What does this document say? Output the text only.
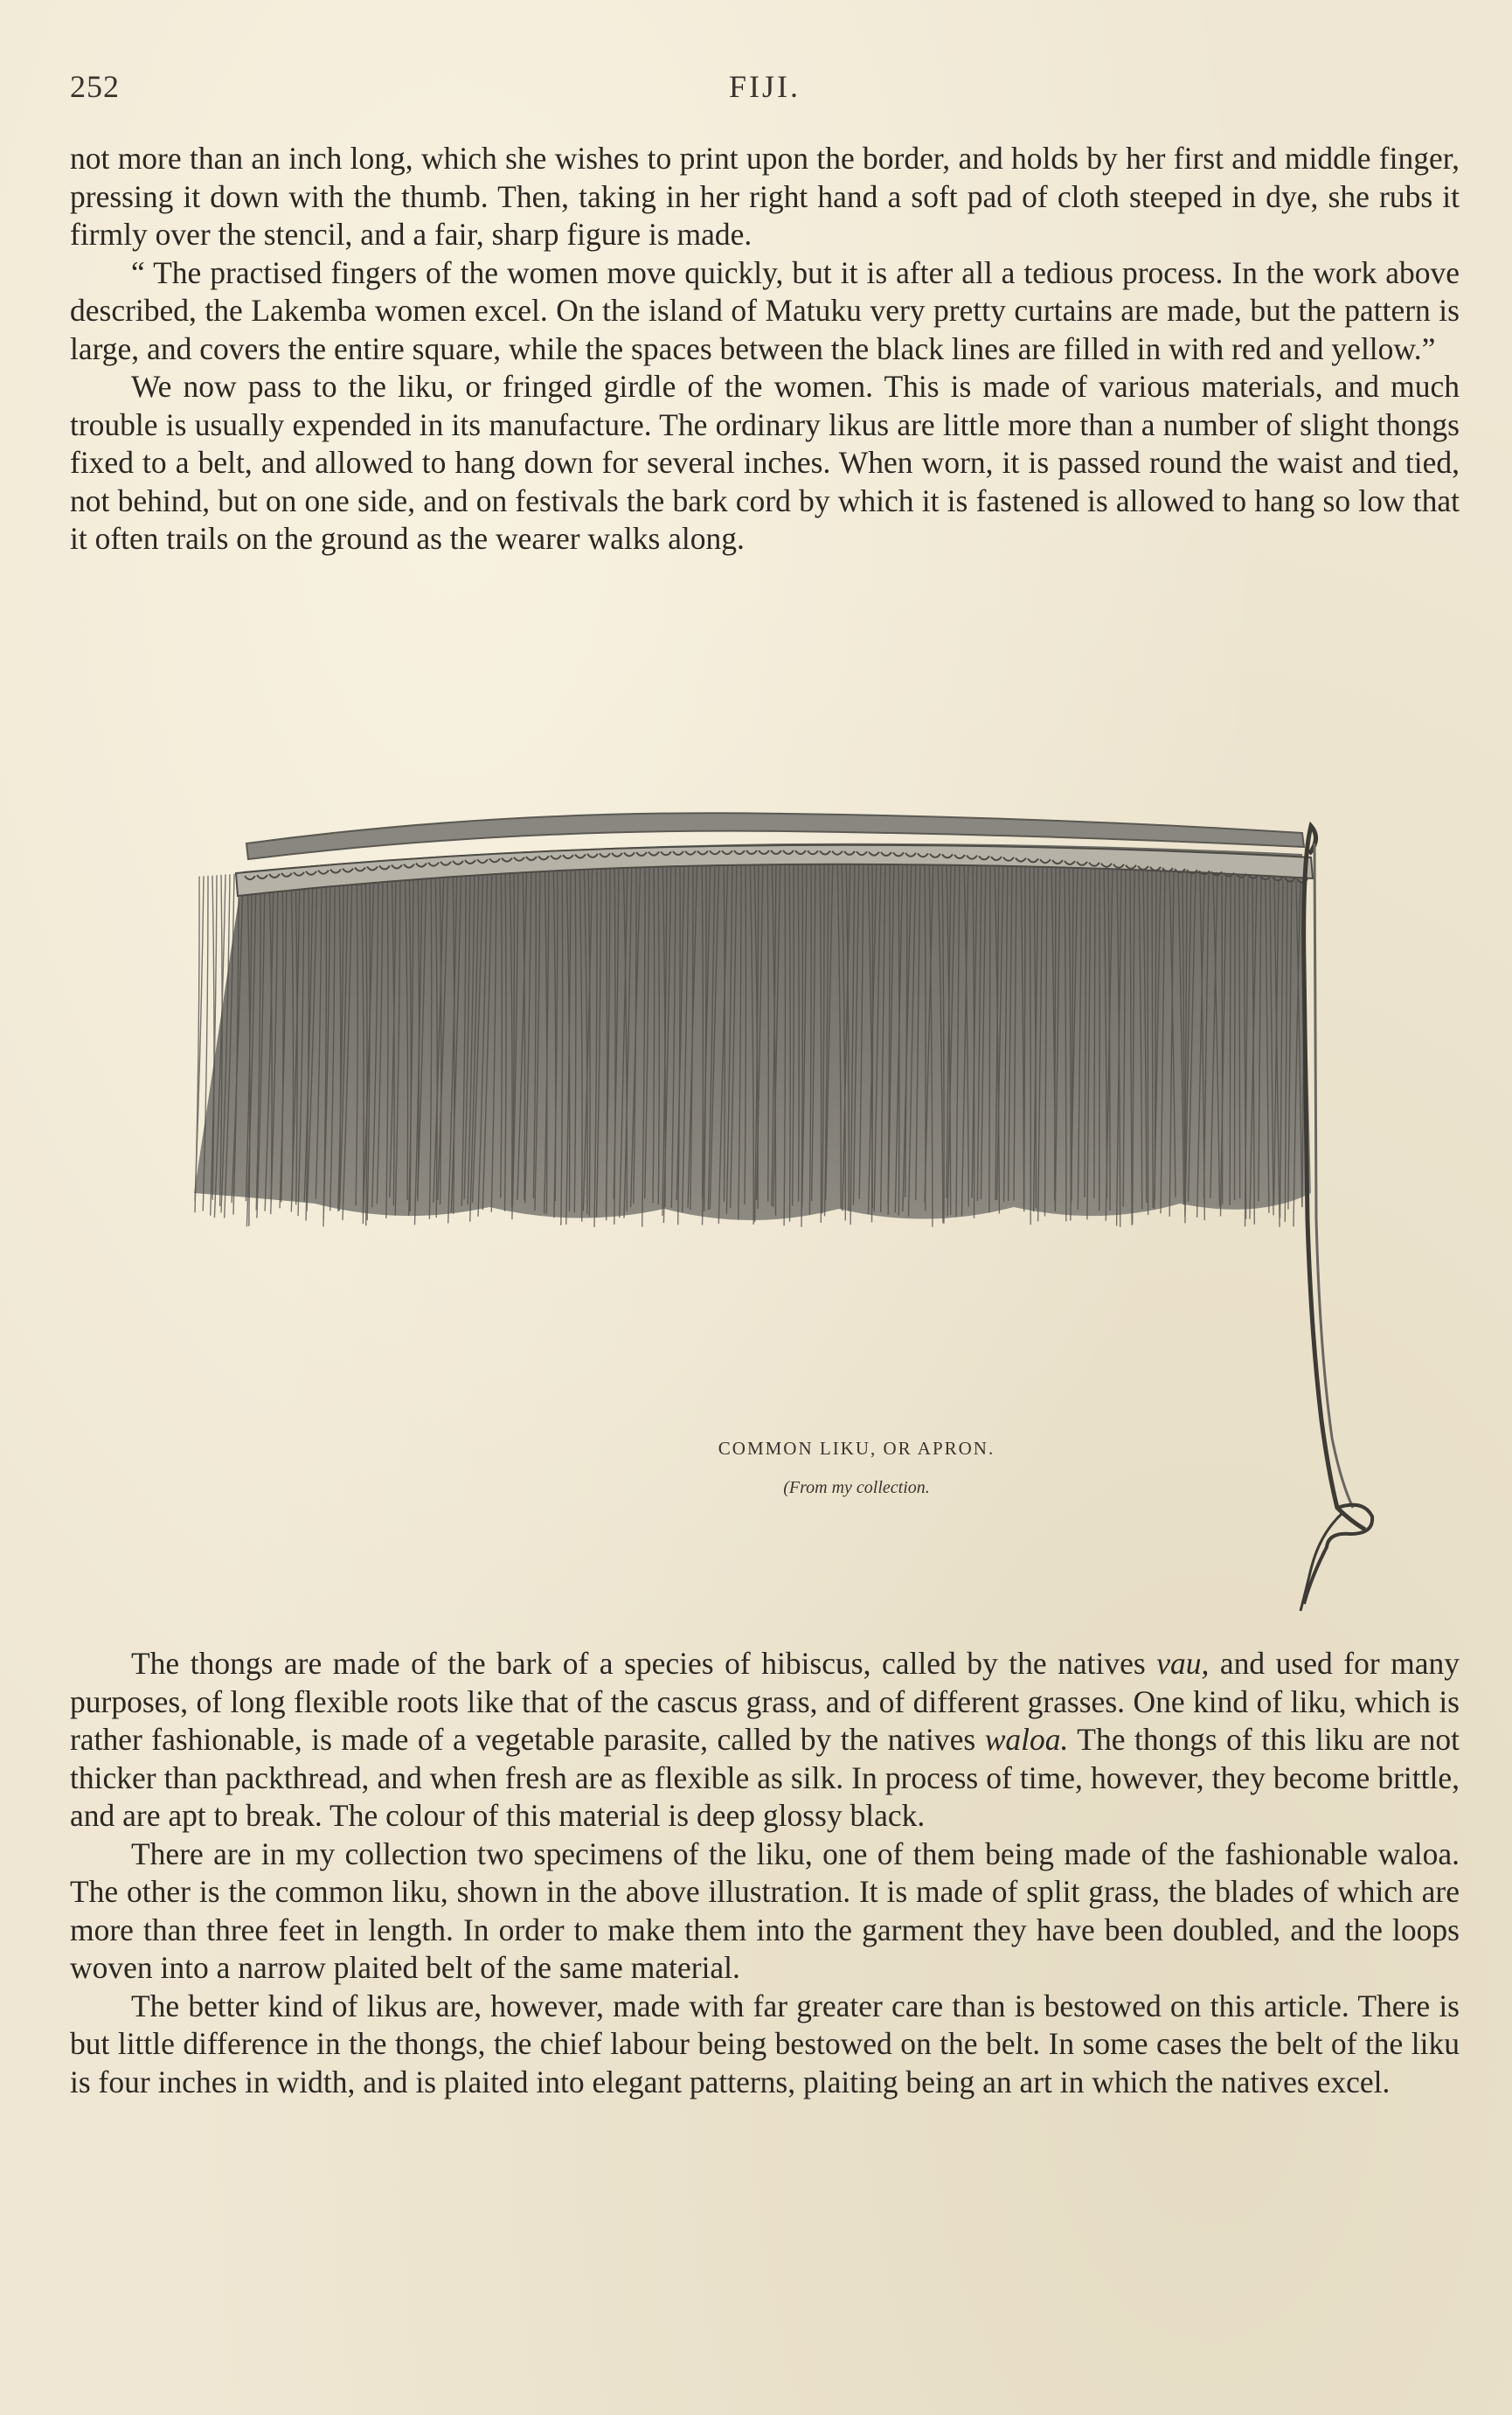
252	FIJI.

not more than an inch long, which she wishes to print upon the border, and holds by her first and middle finger, pressing it down with the thumb. Then, taking in her right hand a soft pad of cloth steeped in dye, she rubs it firmly over the stencil, and a fair, sharp figure is made.

“ The practised fingers of the women move quickly, but it is after all a tedious process. In the work above described, the Lakemba women excel. On the island of Matuku very pretty curtains are made, but the pattern is large, and covers the entire square, while the spaces between the black lines are filled in with red and yellow.”

We now pass to the liku, or fringed girdle of the women. This is made of various materials, and much trouble is usually expended in its manufacture. The ordinary likus are little more than a number of slight thongs fixed to a belt, and allowed to hang down for several inches. When worn, it is passed round the waist and tied, not behind, but on one side, and on festivals the bark cord by which it is fastened is allowed to hang so low that it often trails on the ground as the wearer walks along.

COMMON LIKU, OR APRON.
(From my collection.

The thongs are made of the bark of a species of hibiscus, called by the natives vau, and used for many purposes, of long flexible roots like that of the cascus grass, and of different grasses. One kind of liku, which is rather fashionable, is made of a vegetable parasite, called by the natives waloa. The thongs of this liku are not thicker than packthread, and when fresh are as flexible as silk. In process of time, however, they become brittle, and are apt to break. The colour of this material is deep glossy black.

There are in my collection two specimens of the liku, one of them being made of the fashionable waloa. The other is the common liku, shown in the above illustration. It is made of split grass, the blades of which are more than three feet in length. In order to make them into the garment they have been doubled, and the loops woven into a narrow plaited belt of the same material.

The better kind of likus are, however, made with far greater care than is bestowed on this article. There is but little difference in the thongs, the chief labour being bestowed on the belt. In some cases the belt of the liku is four inches in width, and is plaited into elegant patterns, plaiting being an art in which the natives excel.
